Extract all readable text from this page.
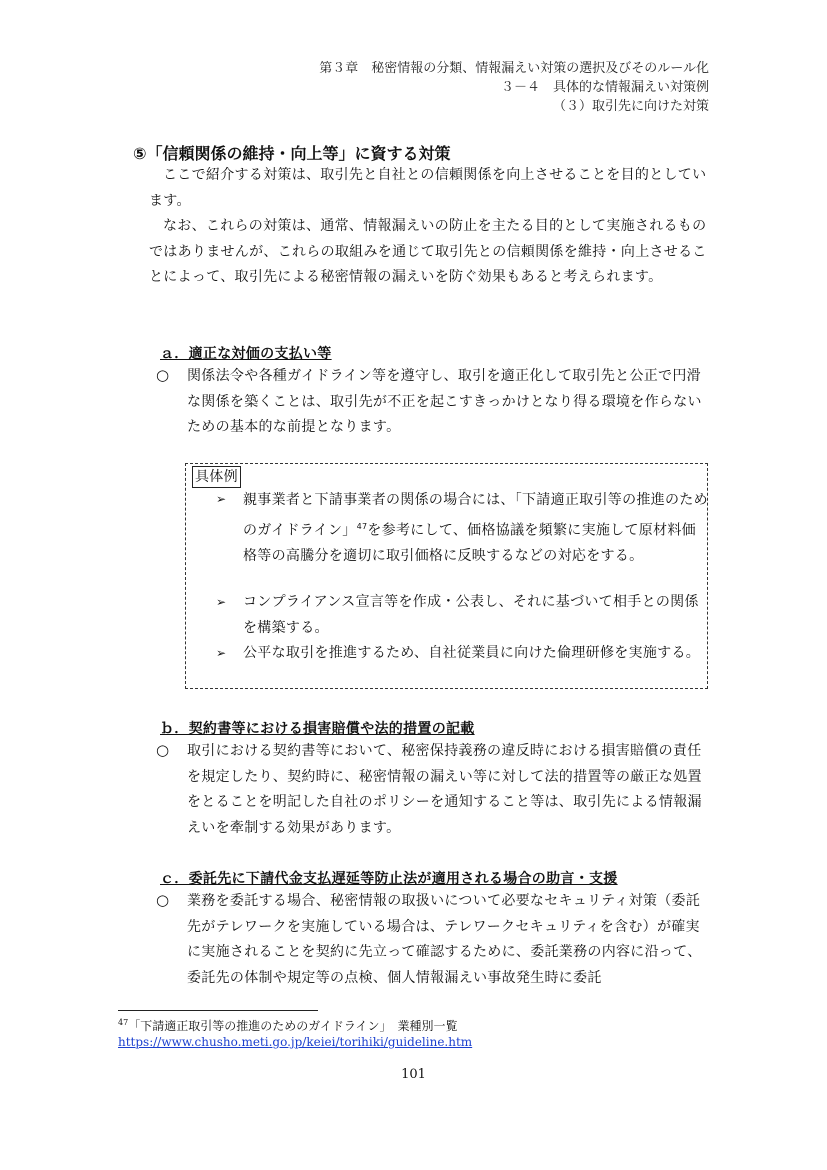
第３章　秘密情報の分類、情報漏えい対策の選択及びそのルール化
３－４　具体的な情報漏えい対策例
（３）取引先に向けた対策
⑤「信頼関係の維持・向上等」に資する対策
ここで紹介する対策は、取引先と自社との信頼関係を向上させることを目的としています。
なお、これらの対策は、通常、情報漏えいの防止を主たる目的として実施されるものではありませんが、これらの取組みを通じて取引先との信頼関係を維持・向上させることによって、取引先による秘密情報の漏えいを防ぐ効果もあると考えられます。
ａ．適正な対価の支払い等
○ 関係法令や各種ガイドライン等を遵守し、取引を適正化して取引先と公正で円滑な関係を築くことは、取引先が不正を起こすきっかけとなり得る環境を作らないための基本的な前提となります。
具体例
➢ 親事業者と下請事業者の関係の場合には、「下請適正取引等の推進のためのガイドライン」$^{47}$を参考にして、価格協議を頻繁に実施して原材料価格等の高騰分を適切に取引価格に反映するなどの対応をする。
➢ コンプライアンス宣言等を作成・公表し、それに基づいて相手との関係を構築する。
➢ 公平な取引を推進するため、自社従業員に向けた倫理研修を実施する。
ｂ．契約書等における損害賠償や法的措置の記載
○ 取引における契約書等において、秘密保持義務の違反時における損害賠償の責任を規定したり、契約時に、秘密情報の漏えい等に対して法的措置等の厳正な処置をとることを明記した自社のポリシーを通知すること等は、取引先による情報漏えいを牽制する効果があります。
ｃ．委託先に下請代金支払遅延等防止法が適用される場合の助言・支援
○ 業務を委託する場合、秘密情報の取扱いについて必要なセキュリティ対策（委託先がテレワークを実施している場合は、テレワークセキュリティを含む）が確実に実施されることを契約に先立って確認するために、委託業務の内容に沿って、委託先の体制や規定等の点検、個人情報漏えい事故発生時に委託
$^{47}$「下請適正取引等の推進のためのガイドライン」　業種別一覧
https://www.chusho.meti.go.jp/keiei/torihiki/guideline.htm
101
